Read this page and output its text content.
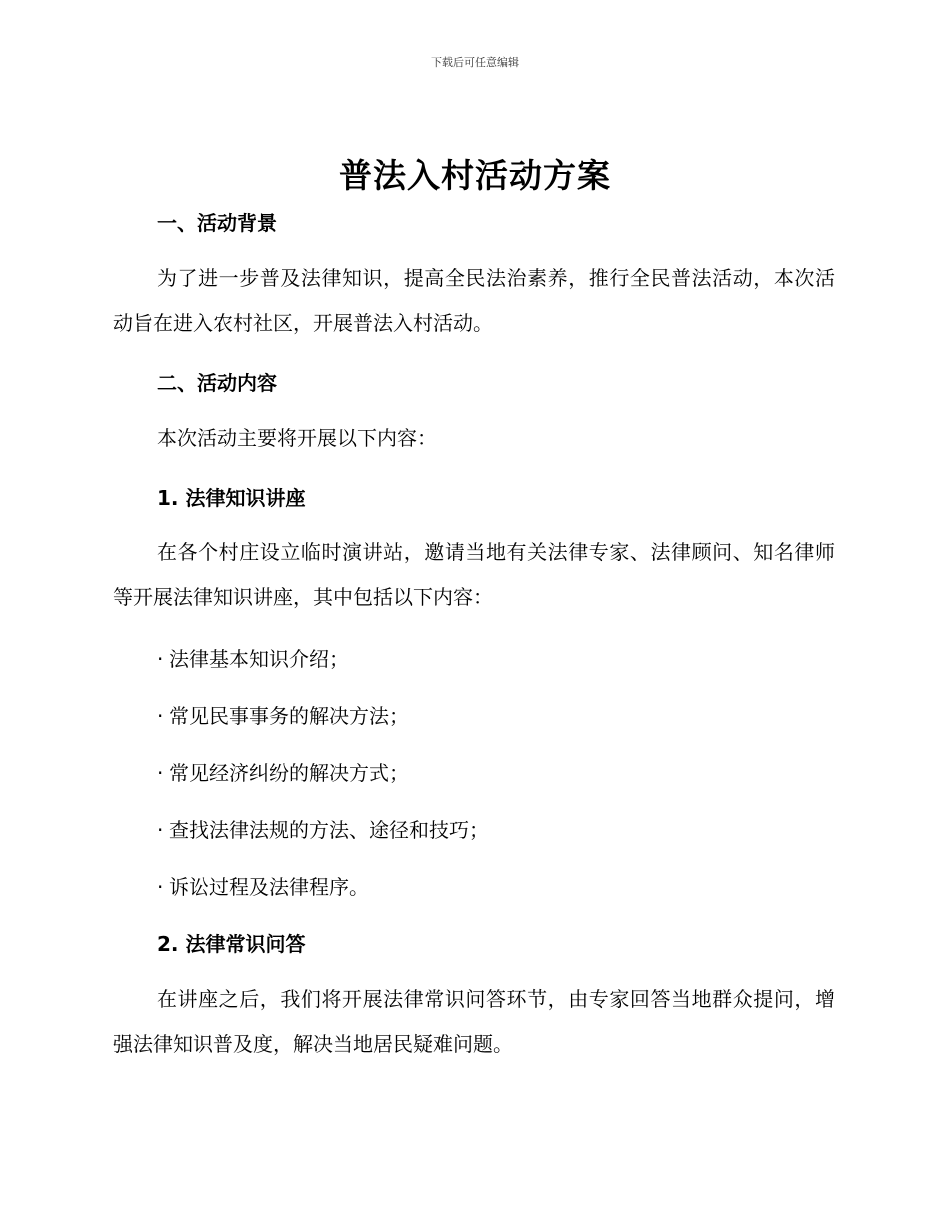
下载后可任意编辑
普法入村活动方案
一、活动背景
为了进一步普及法律知识，提高全民法治素养，推行全民普法活动，本次活动旨在进入农村社区，开展普法入村活动。
二、活动内容
本次活动主要将开展以下内容：
1. 法律知识讲座
在各个村庄设立临时演讲站，邀请当地有关法律专家、法律顾问、知名律师等开展法律知识讲座，其中包括以下内容：
· 法律基本知识介绍；
· 常见民事事务的解决方法；
· 常见经济纠纷的解决方式；
· 查找法律法规的方法、途径和技巧；
· 诉讼过程及法律程序。
2. 法律常识问答
在讲座之后，我们将开展法律常识问答环节，由专家回答当地群众提问，增强法律知识普及度，解决当地居民疑难问题。
